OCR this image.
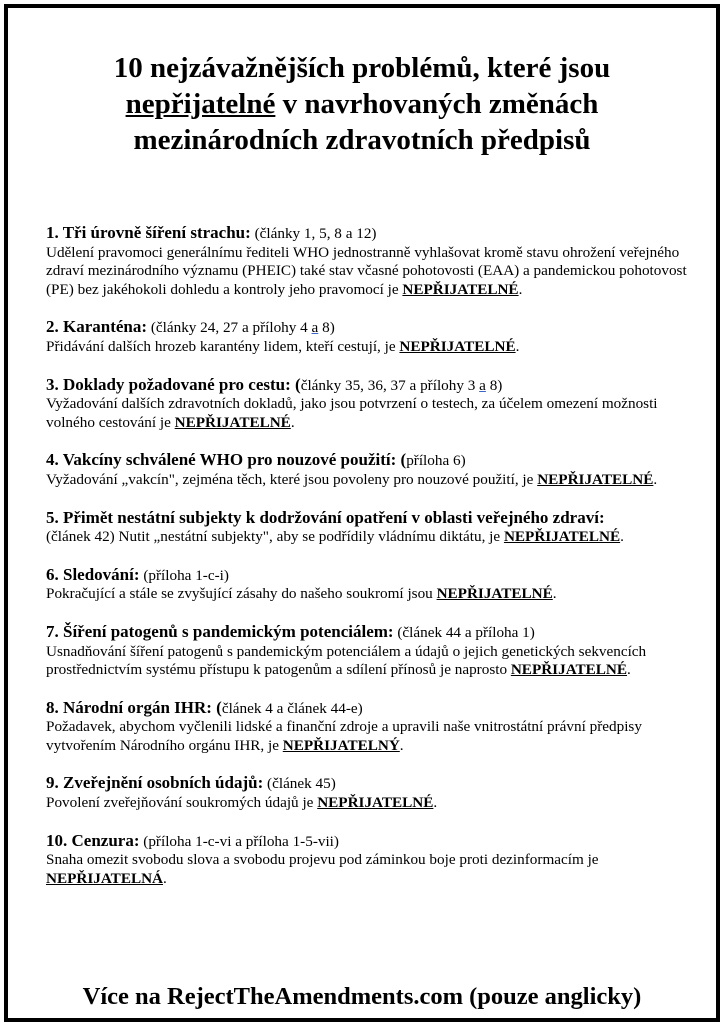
10 nejzávažnějších problémů, které jsou
nepřijatelné v navrhovaných změnách
mezinárodních zdravotních předpisů
1. Tři úrovně šíření strachu: (články 1, 5, 8 a 12)
Udělení pravomoci generálnímu řediteli WHO jednostranně vyhlašovat kromě stavu ohrožení veřejného zdraví mezinárodního významu (PHEIC) také stav včasné pohotovosti (EAA) a pandemickou pohotovost (PE) bez jakéhokoli dohledu a kontroly jeho pravomocí je NEPŘIJATELNÉ.
2. Karanténa: (články 24, 27 a přílohy 4 a 8)
Přidávání dalších hrozeb karantény lidem, kteří cestují, je NEPŘIJATELNÉ.
3. Doklady požadované pro cestu: (články 35, 36, 37 a přílohy 3 a 8)
Vyžadování dalších zdravotních dokladů, jako jsou potvrzení o testech, za účelem omezení možnosti volného cestování je NEPŘIJATELNÉ.
4. Vakcíny schválené WHO pro nouzové použití: (příloha 6)
Vyžadování „vakcín", zejména těch, které jsou povoleny pro nouzové použití, je NEPŘIJATELNÉ.
5. Přimět nestátní subjekty k dodržování opatření v oblasti veřejného zdraví:
(článek 42) Nutit „nestátní subjekty", aby se podřídily vládnímu diktátu, je NEPŘIJATELNÉ.
6. Sledování: (příloha 1-c-i)
Pokračující a stále se zvyšující zásahy do našeho soukromí jsou NEPŘIJATELNÉ.
7. Šíření patogenů s pandemickým potenciálem: (článek 44 a příloha 1)
Usnadňování šíření patogenů s pandemickým potenciálem a údajů o jejich genetických sekvencích prostřednictvím systému přístupu k patogenům a sdílení přínosů je naprosto NEPŘIJATELNÉ.
8. Národní orgán IHR: (článek 4 a článek 44-e)
Požadavek, abychom vyčlenili lidské a finanční zdroje a upravili naše vnitrostátní právní předpisy vytvořením Národního orgánu IHR, je NEPŘIJATELNÝ.
9. Zveřejnění osobních údajů: (článek 45)
Povolení zveřejňování soukromých údajů je NEPŘIJATELNÉ.
10. Cenzura: (příloha 1-c-vi a příloha 1-5-vii)
Snaha omezit svobodu slova a svobodu projevu pod záminkou boje proti dezinformacím je NEPŘIJATELNÁ.
Více na RejectTheAmendments.com (pouze anglicky)
